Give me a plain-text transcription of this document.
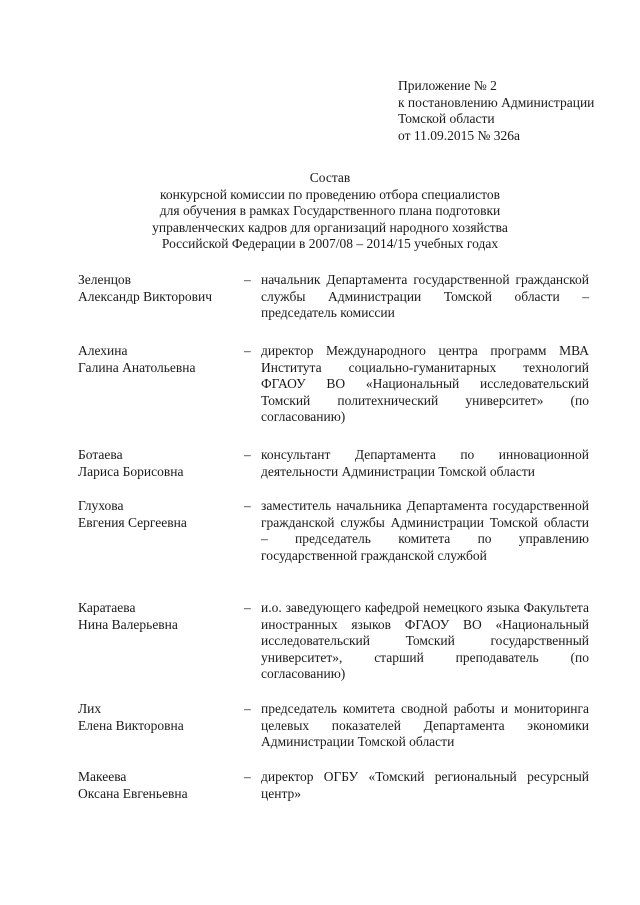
Приложение № 2
к постановлению Администрации
Томской области
от 11.09.2015 № 326а
Состав
конкурсной комиссии по проведению отбора специалистов
для обучения в рамках Государственного плана подготовки
управленческих кадров для организаций народного хозяйства
Российской Федерации в 2007/08 – 2014/15 учебных годах
Зеленцов
Александр Викторович
– начальник Департамента государственной гражданской службы Администрации Томской области – председатель комиссии
Алехина
Галина Анатольевна
– директор Международного центра программ МВА Института социально-гуманитарных технологий ФГАОУ ВО «Национальный исследовательский Томский политехнический университет» (по согласованию)
Ботаева
Лариса Борисовна
– консультант Департамента по инновационной деятельности Администрации Томской области
Глухова
Евгения Сергеевна
– заместитель начальника Департамента государственной гражданской службы Администрации Томской области – председатель комитета по управлению государственной гражданской службой
Каратаева
Нина Валерьевна
– и.о. заведующего кафедрой немецкого языка Факультета иностранных языков ФГАОУ ВО «Национальный исследовательский Томский государственный университет», старший преподаватель (по согласованию)
Лих
Елена Викторовна
– председатель комитета сводной работы и мониторинга целевых показателей Департамента экономики Администрации Томской области
Макеева
Оксана Евгеньевна
– директор ОГБУ «Томский региональный ресурсный центр»
